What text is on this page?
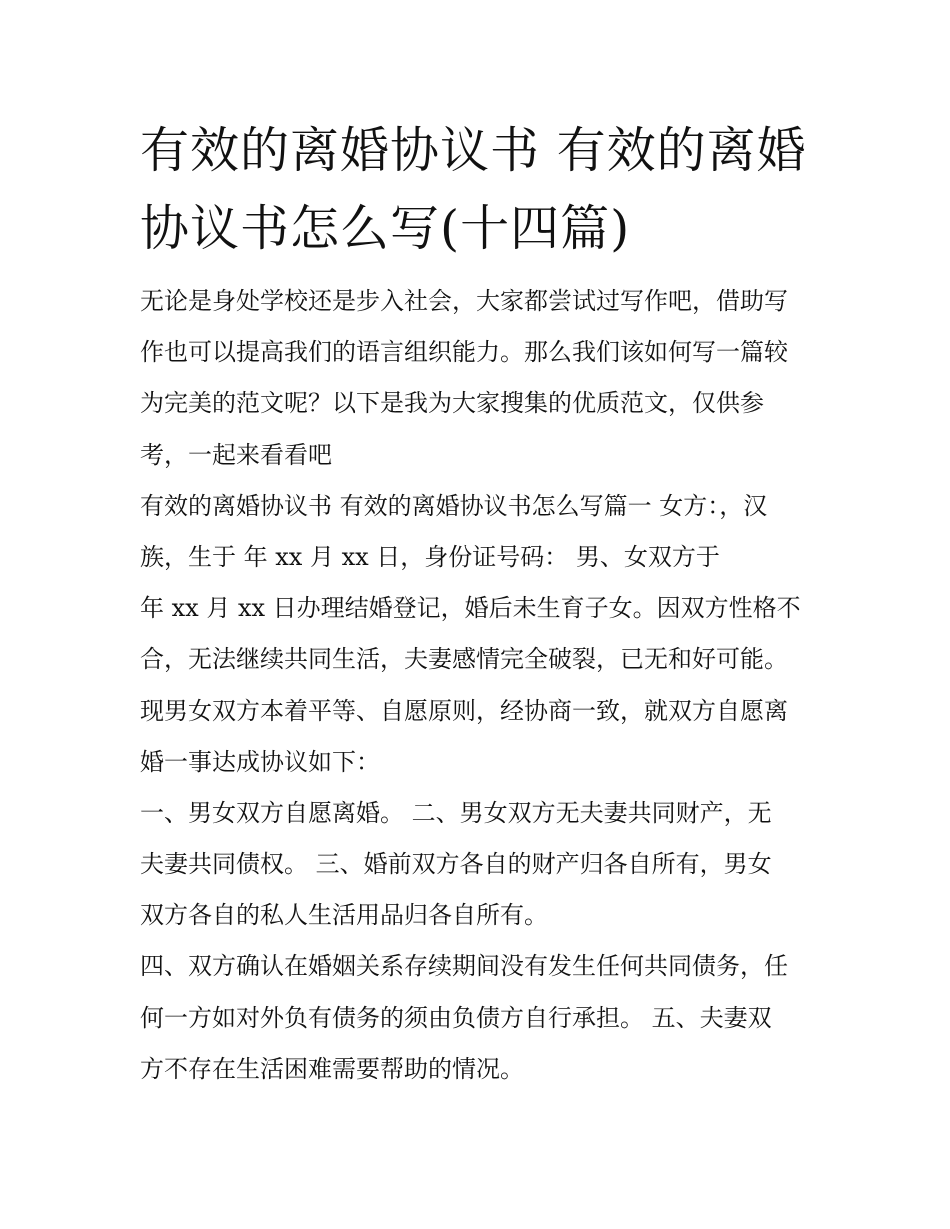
有效的离婚协议书 有效的离婚
协议书怎么写(十四篇)
无论是身处学校还是步入社会，大家都尝试过写作吧，借助写
作也可以提高我们的语言组织能力。那么我们该如何写一篇较
为完美的范文呢？以下是我为大家搜集的优质范文，仅供参
考，一起来看看吧
有效的离婚协议书 有效的离婚协议书怎么写篇一 女方：，汉
族，生于 年 xx 月 xx 日，身份证号码： 男、女双方于
年 xx 月 xx 日办理结婚登记，婚后未生育子女。因双方性格不
合，无法继续共同生活，夫妻感情完全破裂，已无和好可能。
现男女双方本着平等、自愿原则，经协商一致，就双方自愿离
婚一事达成协议如下：
一、男女双方自愿离婚。 二、男女双方无夫妻共同财产，无
夫妻共同债权。 三、婚前双方各自的财产归各自所有，男女
双方各自的私人生活用品归各自所有。
四、双方确认在婚姻关系存续期间没有发生任何共同债务，任
何一方如对外负有债务的须由负债方自行承担。 五、夫妻双
方不存在生活困难需要帮助的情况。
